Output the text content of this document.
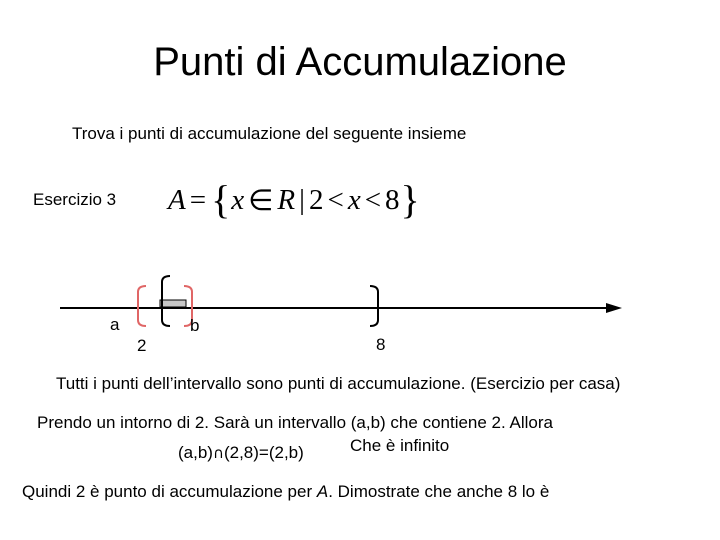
Punti di Accumulazione
Trova i punti di accumulazione del seguente insieme
Esercizio 3 A = { x ∈ R | 2 < x < 8 }
a	b
2	8
Tutti i punti dell’intervallo sono punti di accumulazione. (Esercizio per casa)
Prendo un intorno di 2. Sarà un intervallo (a,b) che contiene 2. Allora
(a,b)∩(2,8)=(2,b)	Che è infinito
Quindi 2 è punto di accumulazione per A. Dimostrate che anche 8 lo è
